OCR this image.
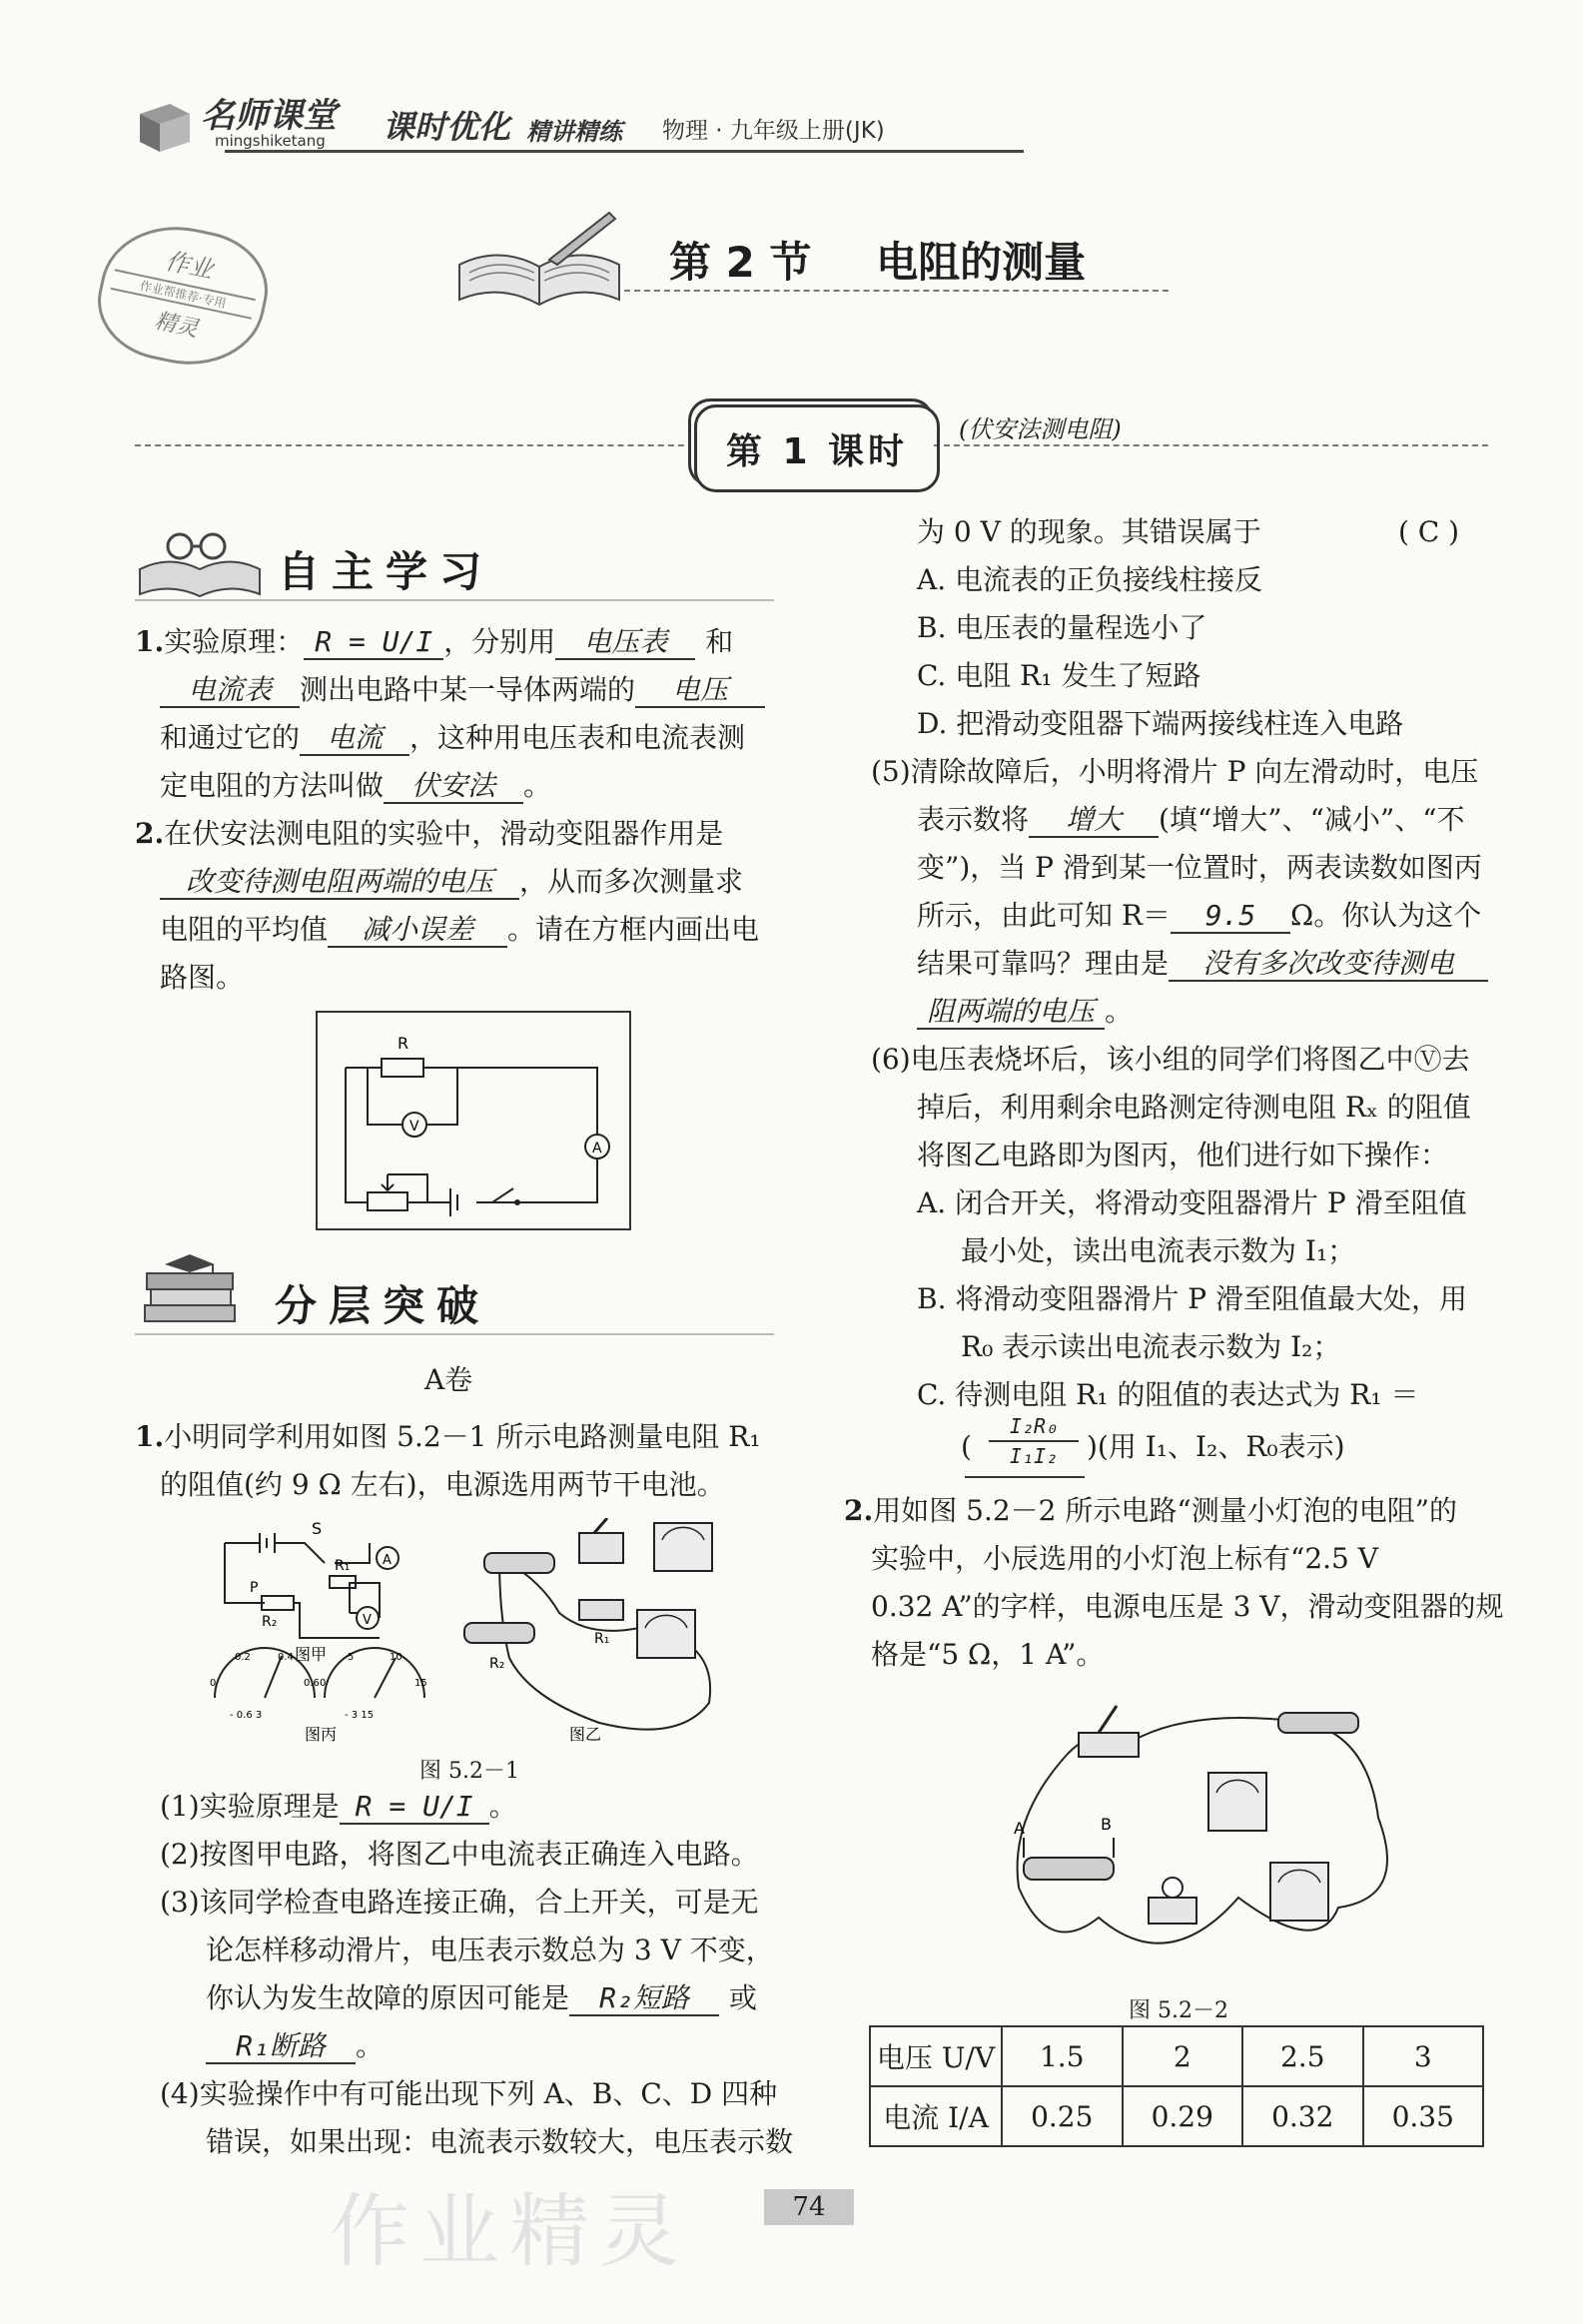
名师课堂
mingshiketang 课时优化 精讲精练 物理 · 九年级上册(JK)
作业
作业帮推荐·专用
精灵
第 2 节 电阻的测量
第 1 课时
(伏安法测电阻)
自主学习
1.实验原理： R = U/I ，分别用 电压表 和
电流表 测出电路中某一导体两端的 电压
和通过它的 电流 ，这种用电压表和电流表测
定电阻的方法叫做 伏安法 。
2.在伏安法测电阻的实验中，滑动变阻器作用是
改变待测电阻两端的电压 ，从而多次测量求
电阻的平均值 减小误差 。请在方框内画出电
路图。
R
V
A
分层突破
A卷
1.小明同学利用如图 5.2－1 所示电路测量电阻 R₁
的阻值(约 9 Ω 左右)，电源选用两节干电池。
S
P
R₂
R₁	A
V
图甲
0
0.2	0.4
0.6
- 0.6 3
0
5	10
15
- 3 15
图丙
R₂
R₁
图乙
图 5.2－1
(1)实验原理是 R = U/I 。
(2)按图甲电路，将图乙中电流表正确连入电路。
(3)该同学检查电路连接正确，合上开关，可是无
论怎样移动滑片，电压表示数总为 3 V 不变，
你认为发生故障的原因可能是 R₂短路 或
R₁断路 。
(4)实验操作中有可能出现下列 A、B、C、D 四种
错误，如果出现：电流表示数较大，电压表示数
为 0 V 的现象。其错误属于	( C )
A. 电流表的正负接线柱接反
B. 电压表的量程选小了
C. 电阻 R₁ 发生了短路
D. 把滑动变阻器下端两接线柱连入电路
(5)清除故障后，小明将滑片 P 向左滑动时，电压
表示数将 增大 (填“增大”、“减小”、“不
变”)，当 P 滑到某一位置时，两表读数如图丙
所示，由此可知 R＝ 9.5 Ω。你认为这个
结果可靠吗？理由是 没有多次改变待测电
阻两端的电压 。
(6)电压表烧坏后，该小组的同学们将图乙中Ⓥ去
掉后，利用剩余电路测定待测电阻 Rₓ 的阻值
将图乙电路即为图丙，他们进行如下操作：
A. 闭合开关，将滑动变阻器滑片 P 滑至阻值
最小处，读出电流表示数为 I₁；
B. 将滑动变阻器滑片 P 滑至阻值最大处，用
R₀ 表示读出电流表示数为 I₂；
C. 待测电阻 R₁ 的阻值的表达式为 R₁ ＝
( $\frac{\text{I₂R₀}}{\text{I₁I₂}}$ )(用 I₁、I₂、R₀表示)
2.用如图 5.2－2 所示电路“测量小灯泡的电阻”的
实验中，小辰选用的小灯泡上标有“2.5 V
0.32 A”的字样，电源电压是 3 V，滑动变阻器的规
格是“5 Ω，1 A”。
A	B
图 5.2－2
电压 U/V	1.5	2	2.5	3
电流 I/A	0.25	0.29	0.32	0.35
作业精灵	74
